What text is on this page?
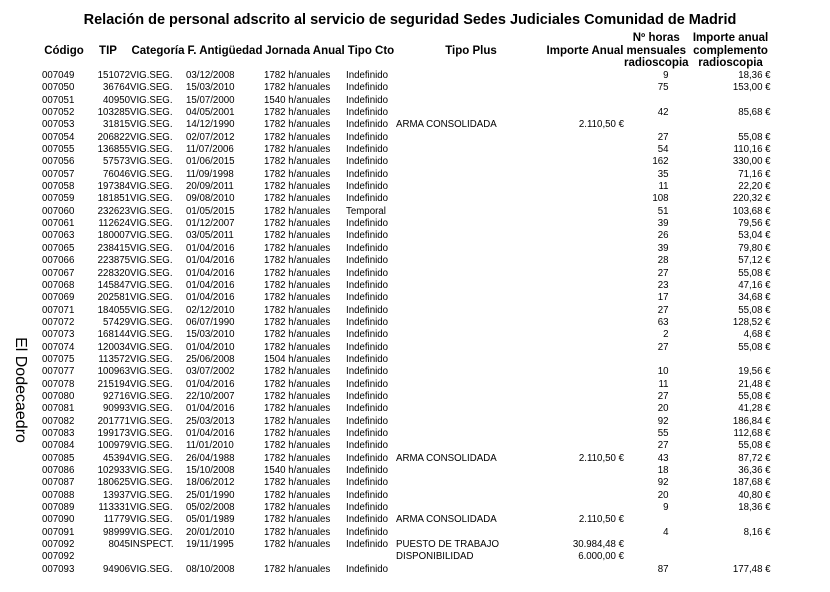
Relación de personal adscrito al servicio de seguridad Sedes Judiciales Comunidad de Madrid
El Dodecaedro
Código	TIP	Categoría	F. Antigüedad	Jornada Anual	Tipo Cto	Tipo Plus	Importe Anual	Nº horas mensuales radioscopia	Importe anual complemento radioscopia
007049	151072	VIG.SEG.	03/12/2008	1782 h/anuales	Indefinido			9	18,36 €
007050	36764	VIG.SEG.	15/03/2010	1782 h/anuales	Indefinido			75	153,00 €
007051	40950	VIG.SEG.	15/07/2000	1540 h/anuales	Indefinido				
007052	103285	VIG.SEG.	04/05/2001	1782 h/anuales	Indefinido			42	85,68 €
007053	31815	VIG.SEG.	14/12/1990	1782 h/anuales	Indefinido	ARMA CONSOLIDADA	2.110,50 €		
007054	206822	VIG.SEG.	02/07/2012	1782 h/anuales	Indefinido			27	55,08 €
007055	136855	VIG.SEG.	11/07/2006	1782 h/anuales	Indefinido			54	110,16 €
007056	57573	VIG.SEG.	01/06/2015	1782 h/anuales	Indefinido			162	330,00 €
007057	76046	VIG.SEG.	11/09/1998	1782 h/anuales	Indefinido			35	71,16 €
007058	197384	VIG.SEG.	20/09/2011	1782 h/anuales	Indefinido			11	22,20 €
007059	181851	VIG.SEG.	09/08/2010	1782 h/anuales	Indefinido			108	220,32 €
007060	232623	VIG.SEG.	01/05/2015	1782 h/anuales	Temporal			51	103,68 €
007061	112624	VIG.SEG.	01/12/2007	1782 h/anuales	Indefinido			39	79,56 €
007063	180007	VIG.SEG.	03/05/2011	1782 h/anuales	Indefinido			26	53,04 €
007065	238415	VIG.SEG.	01/04/2016	1782 h/anuales	Indefinido			39	79,80 €
007066	223875	VIG.SEG.	01/04/2016	1782 h/anuales	Indefinido			28	57,12 €
007067	228320	VIG.SEG.	01/04/2016	1782 h/anuales	Indefinido			27	55,08 €
007068	145847	VIG.SEG.	01/04/2016	1782 h/anuales	Indefinido			23	47,16 €
007069	202581	VIG.SEG.	01/04/2016	1782 h/anuales	Indefinido			17	34,68 €
007071	184055	VIG.SEG.	02/12/2010	1782 h/anuales	Indefinido			27	55,08 €
007072	57429	VIG.SEG.	06/07/1990	1782 h/anuales	Indefinido			63	128,52 €
007073	168144	VIG.SEG.	15/03/2010	1782 h/anuales	Indefinido			2	4,68 €
007074	120034	VIG.SEG.	01/04/2010	1782 h/anuales	Indefinido			27	55,08 €
007075	113572	VIG.SEG.	25/06/2008	1504 h/anuales	Indefinido				
007077	100963	VIG.SEG.	03/07/2002	1782 h/anuales	Indefinido			10	19,56 €
007078	215194	VIG.SEG.	01/04/2016	1782 h/anuales	Indefinido			11	21,48 €
007080	92716	VIG.SEG.	22/10/2007	1782 h/anuales	Indefinido			27	55,08 €
007081	90993	VIG.SEG.	01/04/2016	1782 h/anuales	Indefinido			20	41,28 €
007082	201771	VIG.SEG.	25/03/2013	1782 h/anuales	Indefinido			92	186,84 €
007083	199173	VIG.SEG.	01/04/2016	1782 h/anuales	Indefinido			55	112,68 €
007084	100979	VIG.SEG.	11/01/2010	1782 h/anuales	Indefinido			27	55,08 €
007085	45394	VIG.SEG.	26/04/1988	1782 h/anuales	Indefinido	ARMA CONSOLIDADA	2.110,50 €	43	87,72 €
007086	102933	VIG.SEG.	15/10/2008	1540 h/anuales	Indefinido			18	36,36 €
007087	180625	VIG.SEG.	18/06/2012	1782 h/anuales	Indefinido			92	187,68 €
007088	13937	VIG.SEG.	25/01/1990	1782 h/anuales	Indefinido			20	40,80 €
007089	113331	VIG.SEG.	05/02/2008	1782 h/anuales	Indefinido			9	18,36 €
007090	11779	VIG.SEG.	05/01/1989	1782 h/anuales	Indefinido	ARMA CONSOLIDADA	2.110,50 €		
007091	98999	VIG.SEG.	20/01/2010	1782 h/anuales	Indefinido			4	8,16 €
007092	8045	INSPECT.	19/11/1995	1782 h/anuales	Indefinido	PUESTO DE TRABAJO	30.984,48 €		
007092						DISPONIBILIDAD	6.000,00 €		
007093	94906	VIG.SEG.	08/10/2008	1782 h/anuales	Indefinido			87	177,48 €
